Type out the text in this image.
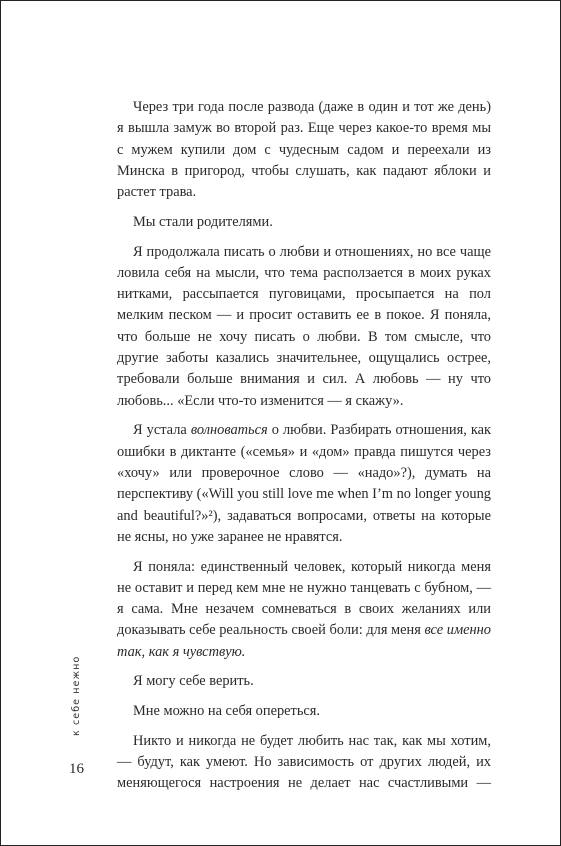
Через три года после развода (даже в один и тот же день) я вышла замуж во второй раз. Еще через какое-то время мы с мужем купили дом с чудесным садом и переехали из Минска в пригород, чтобы слушать, как падают яблоки и растет трава.

Мы стали родителями.

Я продолжала писать о любви и отношениях, но все чаще ловила себя на мысли, что тема расползается в моих руках нитками, рассыпается пуговицами, просыпается на пол мелким песком — и просит оставить ее в покое. Я поняла, что больше не хочу писать о любви. В том смысле, что другие заботы казались значительнее, ощущались острее, требовали больше внимания и сил. А любовь — ну что любовь... «Если что-то изменится — я скажу».

Я устала волноваться о любви. Разбирать отношения, как ошибки в диктанте («семья» и «дом» правда пишутся через «хочу» или проверочное слово — «надо»?), думать на перспективу («Will you still love me when I’m no longer young and beautiful?»²), задаваться вопросами, ответы на которые не ясны, но уже заранее не нравятся.

Я поняла: единственный человек, который никогда меня не оставит и перед кем мне не нужно танцевать с бубном, — я сама. Мне незачем сомневаться в своих желаниях или доказывать себе реальность своей боли: для меня все именно так, как я чувствую.

Я могу себе верить.

Мне можно на себя опереться.

Никто и никогда не будет любить нас так, как мы хотим, — будут, как умеют. Но зависимость от других людей, их меняющегося настроения не делает нас счастливыми —

к себе нежно
16
